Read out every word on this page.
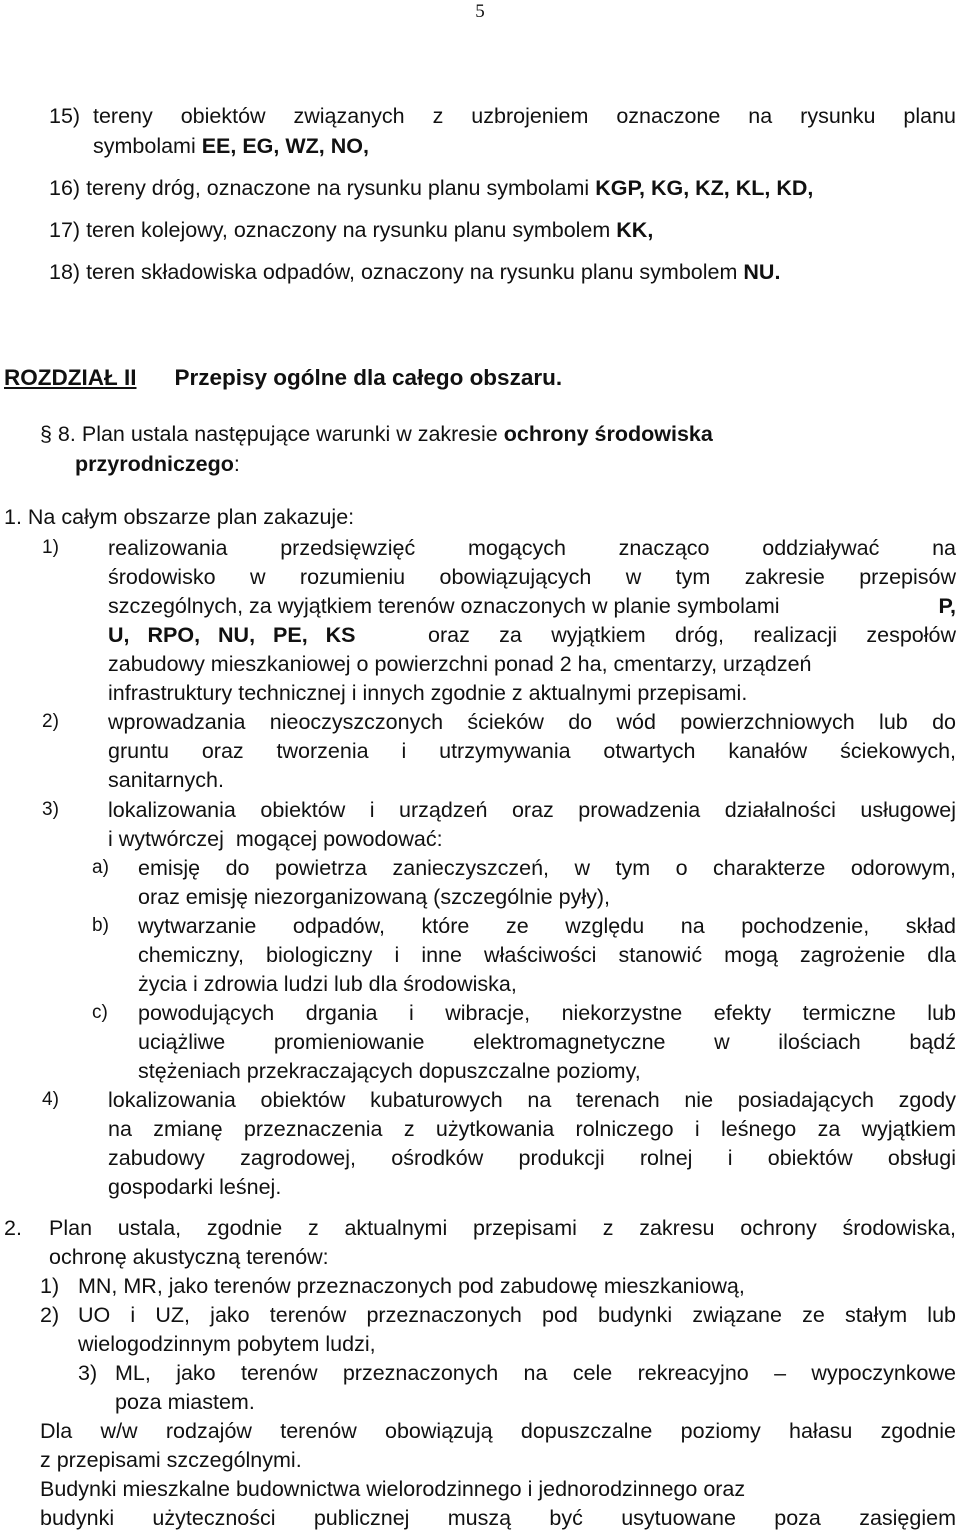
5
15) tereny obiektów związanych z uzbrojeniem oznaczone na rysunku planu
symbolami EE, EG, WZ, NO,
16) tereny dróg, oznaczone na rysunku planu symbolami KGP, KG, KZ, KL, KD,
17) teren kolejowy, oznaczony na rysunku planu symbolem KK,
18) teren składowiska odpadów, oznaczony na rysunku planu symbolem NU.
ROZDZIAŁ II Przepisy ogólne dla całego obszaru.
§ 8. Plan ustala następujące warunki w zakresie ochrony środowiska
przyrodniczego:
1. Na całym obszarze plan zakazuje:
1) realizowania przedsięwzięć mogących znacząco oddziaływać na
środowisko w rozumieniu obowiązujących w tym zakresie przepisów
szczególnych, za wyjątkiem terenów oznaczonych w planie symbolami	P,
U, RPO, NU, PE, KS	oraz za wyjątkiem dróg, realizacji zespołów
zabudowy mieszkaniowej o powierzchni ponad 2 ha, cmentarzy, urządzeń
infrastruktury technicznej i innych zgodnie z aktualnymi przepisami.
2) wprowadzania nieoczyszczonych ścieków do wód powierzchniowych lub do
gruntu oraz tworzenia i utrzymywania otwartych kanałów ściekowych,
sanitarnych.
3) lokalizowania obiektów i urządzeń oraz prowadzenia działalności usługowej
i wytwórczej  mogącej powodować:
a) emisję do powietrza zanieczyszczeń, w tym o charakterze odorowym,
oraz emisję niezorganizowaną (szczególnie pyły),
b) wytwarzanie odpadów, które ze względu na pochodzenie, skład
chemiczny, biologiczny i inne właściwości stanowić mogą zagrożenie dla
życia i zdrowia ludzi lub dla środowiska,
c) powodujących drgania i wibracje, niekorzystne efekty termiczne lub
uciążliwe promieniowanie elektromagnetyczne w ilościach bądź
stężeniach przekraczających dopuszczalne poziomy,
4) lokalizowania obiektów kubaturowych na terenach nie posiadających zgody
na zmianę przeznaczenia z użytkowania rolniczego i leśnego za wyjątkiem
zabudowy zagrodowej, ośrodków produkcji rolnej i obiektów obsługi
gospodarki leśnej.
2. Plan ustala, zgodnie z aktualnymi przepisami z zakresu ochrony środowiska,
ochronę akustyczną terenów:
1) MN, MR, jako terenów przeznaczonych pod zabudowę mieszkaniową,
2) UO i UZ, jako terenów przeznaczonych pod budynki związane ze stałym lub
wielogodzinnym pobytem ludzi,
3) ML, jako terenów przeznaczonych na cele rekreacyjno – wypoczynkowe
poza miastem.
Dla w/w rodzajów terenów obowiązują dopuszczalne poziomy hałasu zgodnie
z przepisami szczególnymi.
Budynki mieszkalne budownictwa wielorodzinnego i jednorodzinnego oraz
budynki użyteczności publicznej muszą być usytuowane poza zasięgiem
